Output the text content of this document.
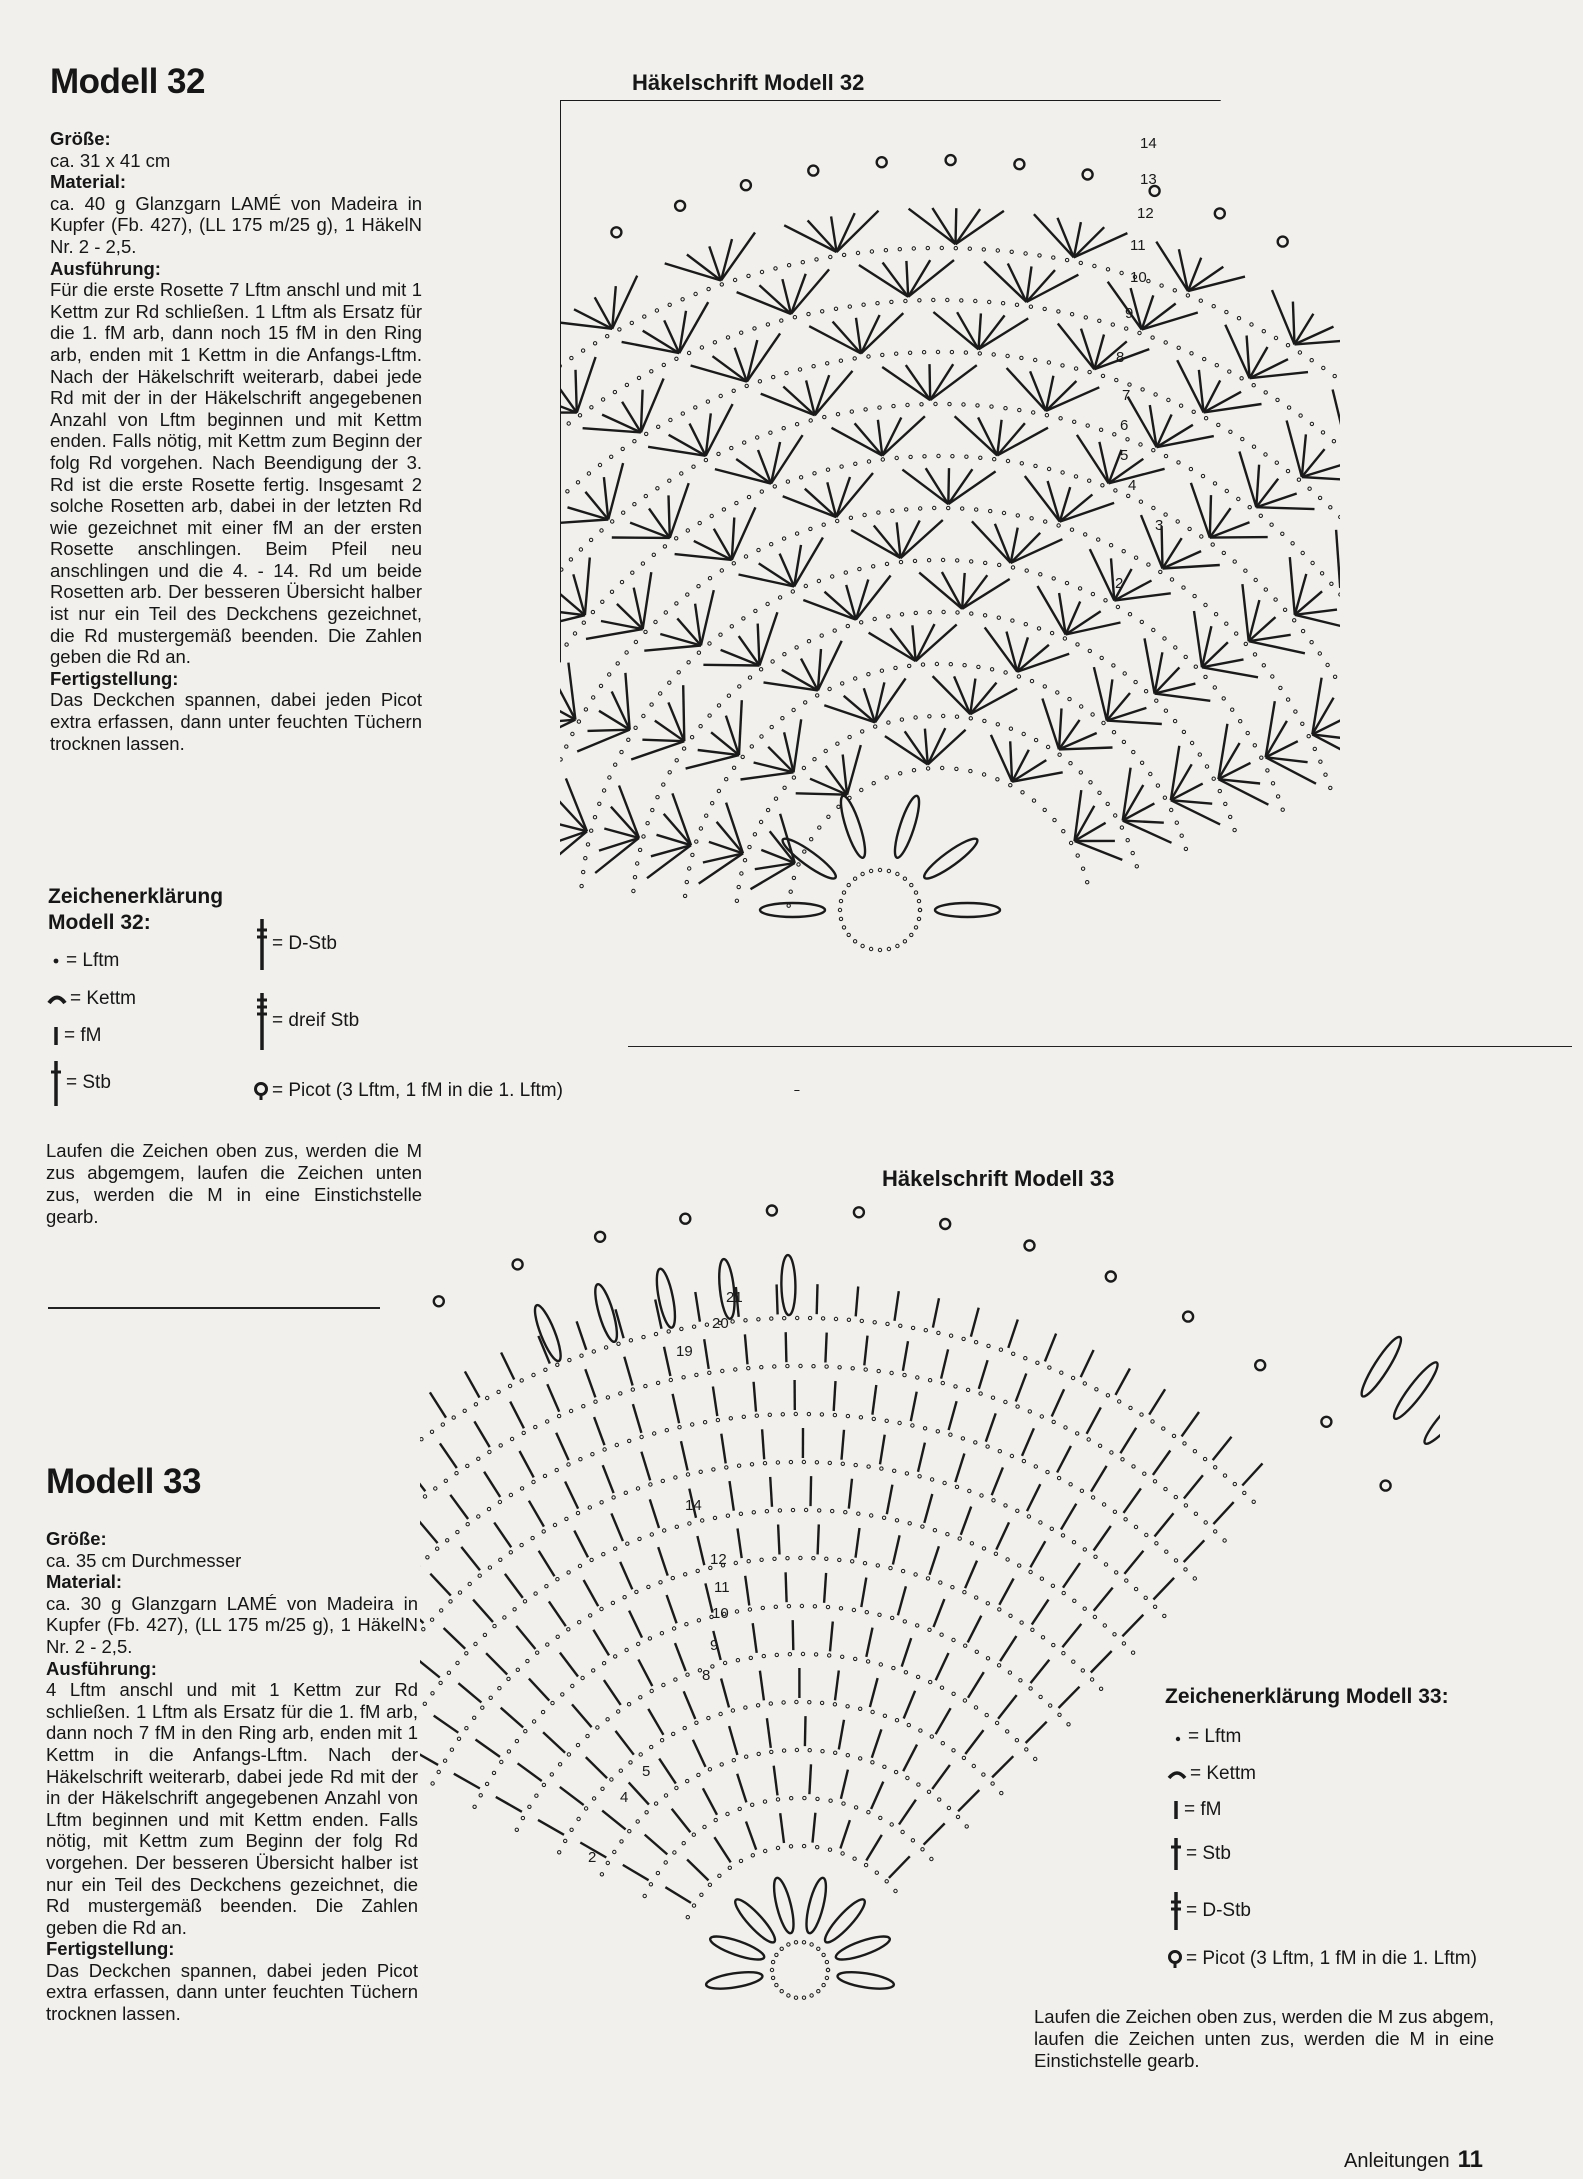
Modell 32

Größe:
ca. 31 x 41 cm

Material:
ca. 40 g Glanzgarn LAMÉ von Madeira in Kupfer (Fb. 427), (LL 175 m/25 g), 1 HäkelN Nr. 2 - 2,5.

Ausführung:
Für die erste Rosette 7 Lftm anschl und mit 1 Kettm zur Rd schließen. 1 Lftm als Ersatz für die 1. fM arb, dann noch 15 fM in den Ring arb, enden mit 1 Kettm in die Anfangs-Lftm. Nach der Häkelschrift weiterarb, dabei jede Rd mit der in der Häkelschrift angegebenen Anzahl von Lftm beginnen und mit Kettm enden. Falls nötig, mit Kettm zum Beginn der folg Rd vorgehen. Nach Beendigung der 3. Rd ist die erste Rosette fertig. Insgesamt 2 solche Rosetten arb, dabei in der letzten Rd wie gezeichnet mit einer fM an der ersten Rosette anschlingen. Beim Pfeil neu anschlingen und die 4. - 14. Rd um beide Rosetten arb. Der besseren Übersicht halber ist nur ein Teil des Deckchens gezeichnet, die Rd mustergemäß beenden. Die Zahlen geben die Rd an.

Fertigstellung:
Das Deckchen spannen, dabei jeden Picot extra erfassen, dann unter feuchten Tüchern trocknen lassen.

Zeichenerklärung
Modell 32:
= Lftm
= Kettm
= fM
= Stb
= D-Stb
= dreif Stb
= Picot (3 Lftm, 1 fM in die 1. Lftm)
Laufen die Zeichen oben zus, werden die M zus abgemgem, laufen die Zeichen unten zus, werden die M in eine Einstichstelle gearb.
Modell 33

Größe:
ca. 35 cm Durchmesser

Material:
ca. 30 g Glanzgarn LAMÉ von Madeira in Kupfer (Fb. 427), (LL 175 m/25 g), 1 HäkelN Nr. 2 - 2,5.

Ausführung:
4 Lftm anschl und mit 1 Kettm zur Rd schließen. 1 Lftm als Ersatz für die 1. fM arb, dann noch 7 fM in den Ring arb, enden mit 1 Kettm in die Anfangs-Lftm. Nach der Häkelschrift weiterarb, dabei jede Rd mit der in der Häkelschrift angegebenen Anzahl von Lftm beginnen und mit Kettm enden. Falls nötig, mit Kettm zum Beginn der folg Rd vorgehen. Der besseren Übersicht halber ist nur ein Teil des Deckchens gezeichnet, die Rd mustergemäß beenden. Die Zahlen geben die Rd an.

Fertigstellung:
Das Deckchen spannen, dabei jeden Picot extra erfassen, dann unter feuchten Tüchern trocknen lassen.

Häkelschrift Modell 32
Häkelschrift Modell 33
2
3
4
5
6
7
8
9
10
11
12
13
14
2
4
5
8
9
10
11
12
14
19
20
21
Zeichenerklärung Modell 33:
= Lftm
= Kettm
= fM
= Stb
= D-Stb
= Picot (3 Lftm, 1 fM in die 1. Lftm)
Laufen die Zeichen oben zus, werden die M zus abgem, laufen die Zeichen unten zus, werden die M in eine Einstichstelle gearb.
Anleitungen 11
